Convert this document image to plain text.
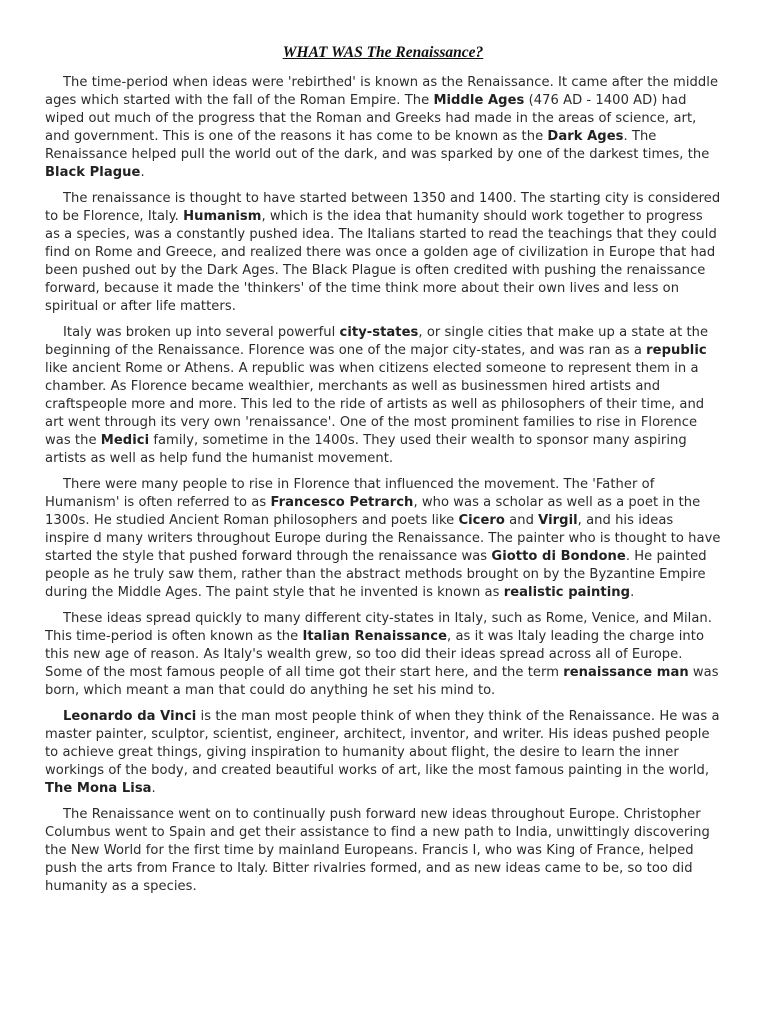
WHAT WAS The Renaissance?

The time-period when ideas were 'rebirthed' is known as the Renaissance. It came after the middle ages which started with the fall of the Roman Empire. The Middle Ages (476 AD - 1400 AD) had wiped out much of the progress that the Roman and Greeks had made in the areas of science, art, and government. This is one of the reasons it has come to be known as the Dark Ages. The Renaissance helped pull the world out of the dark, and was sparked by one of the darkest times, the Black Plague.

The renaissance is thought to have started between 1350 and 1400. The starting city is considered to be Florence, Italy. Humanism, which is the idea that humanity should work together to progress as a species, was a constantly pushed idea. The Italians started to read the teachings that they could find on Rome and Greece, and realized there was once a golden age of civilization in Europe that had been pushed out by the Dark Ages. The Black Plague is often credited with pushing the renaissance forward, because it made the 'thinkers' of the time think more about their own lives and less on spiritual or after life matters.

Italy was broken up into several powerful city-states, or single cities that make up a state at the beginning of the Renaissance. Florence was one of the major city-states, and was ran as a republic like ancient Rome or Athens. A republic was when citizens elected someone to represent them in a chamber. As Florence became wealthier, merchants as well as businessmen hired artists and craftspeople more and more. This led to the ride of artists as well as philosophers of their time, and art went through its very own 'renaissance'. One of the most prominent families to rise in Florence was the Medici family, sometime in the 1400s. They used their wealth to sponsor many aspiring artists as well as help fund the humanist movement.

There were many people to rise in Florence that influenced the movement. The 'Father of Humanism' is often referred to as Francesco Petrarch, who was a scholar as well as a poet in the 1300s. He studied Ancient Roman philosophers and poets like Cicero and Virgil, and his ideas inspire d many writers throughout Europe during the Renaissance. The painter who is thought to have started the style that pushed forward through the renaissance was Giotto di Bondone. He painted people as he truly saw them, rather than the abstract methods brought on by the Byzantine Empire during the Middle Ages. The paint style that he invented is known as realistic painting.

These ideas spread quickly to many different city-states in Italy, such as Rome, Venice, and Milan. This time-period is often known as the Italian Renaissance, as it was Italy leading the charge into this new age of reason. As Italy's wealth grew, so too did their ideas spread across all of Europe. Some of the most famous people of all time got their start here, and the term renaissance man was born, which meant a man that could do anything he set his mind to.

Leonardo da Vinci is the man most people think of when they think of the Renaissance. He was a master painter, sculptor, scientist, engineer, architect, inventor, and writer. His ideas pushed people to achieve great things, giving inspiration to humanity about flight, the desire to learn the inner workings of the body, and created beautiful works of art, like the most famous painting in the world, The Mona Lisa.

The Renaissance went on to continually push forward new ideas throughout Europe. Christopher Columbus went to Spain and get their assistance to find a new path to India, unwittingly discovering the New World for the first time by mainland Europeans. Francis I, who was King of France, helped push the arts from France to Italy. Bitter rivalries formed, and as new ideas came to be, so too did humanity as a species.
